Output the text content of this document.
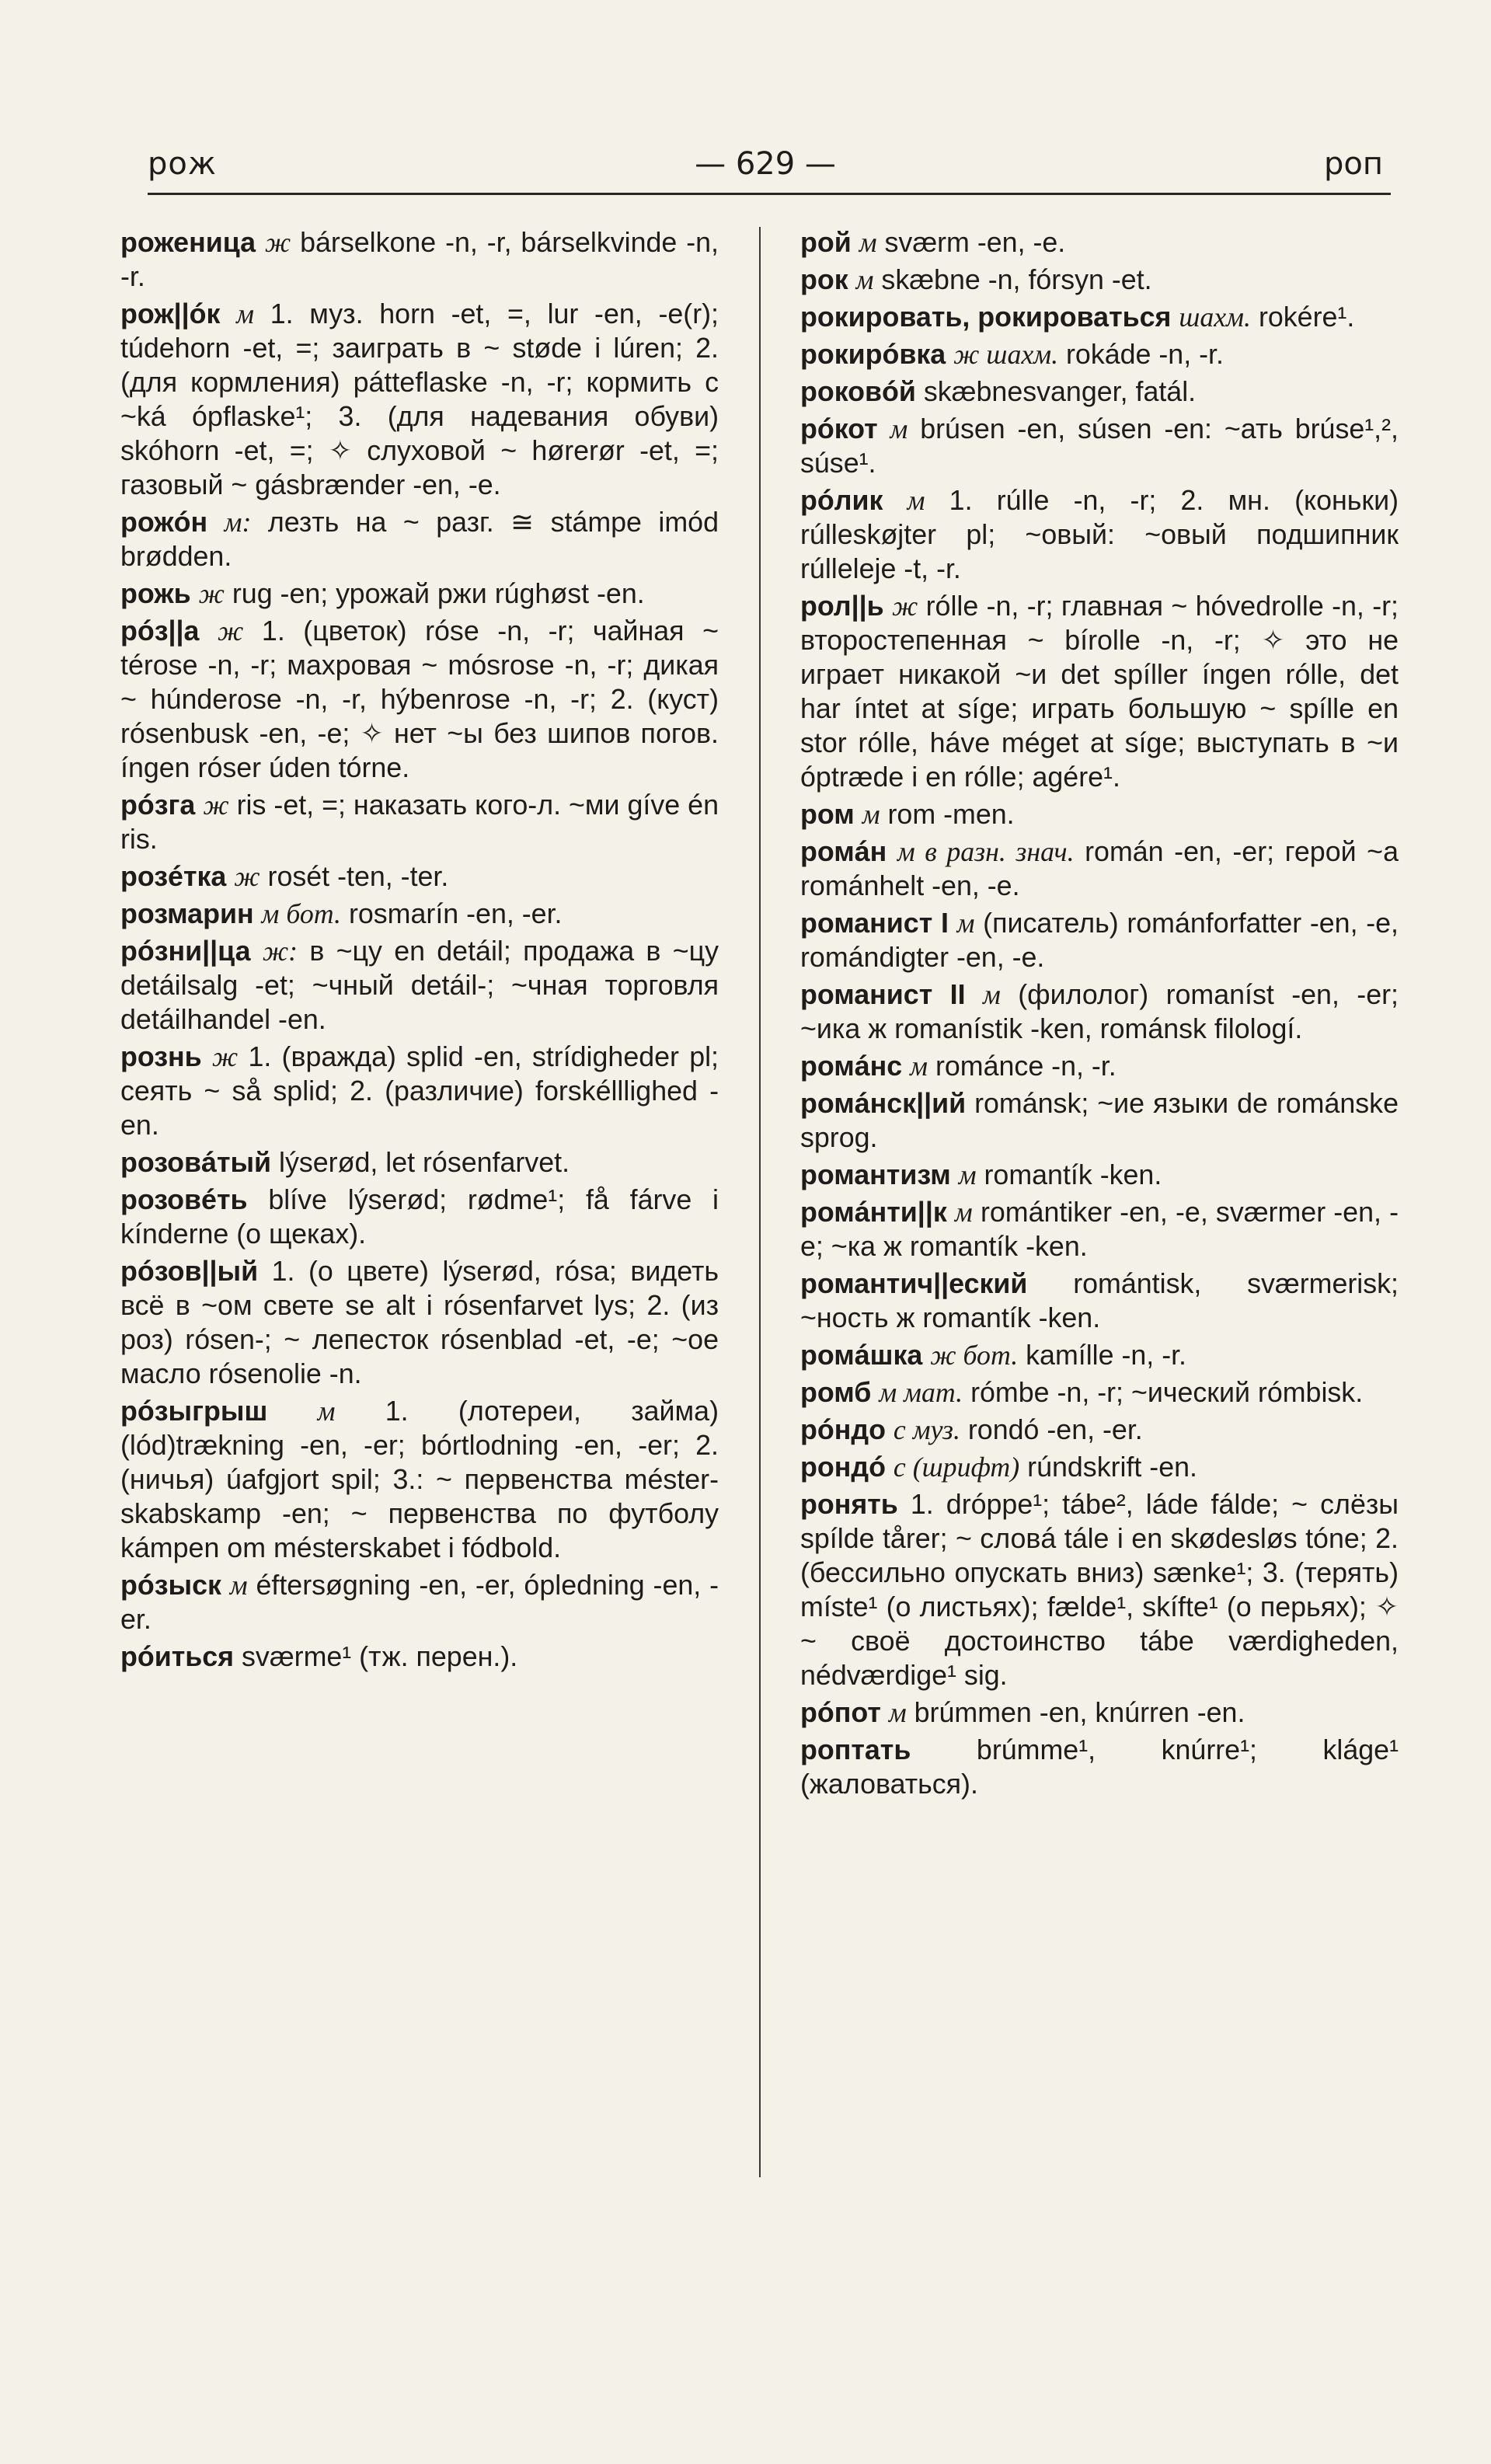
рож	— 629 —	роп

роженица ж bárselkone -n, -r, bárselkvinde -n, -r.

рож||óк м 1. муз. horn -et, =, lur -en, -e(r); túdehorn -et, =; заиграть в ~ støde i lúren; 2. (для кормления) pátteflaske -n, -r; кормить с ~ká ópflaske¹; 3. (для надевания обуви) skóhorn -et, =; ✧ слуховой ~ hørerør -et, =; газовый ~ gásbrænder -en, -e.

рожóн м: лезть на ~ разг. ≅ stámpe imód brødden.

рожь ж rug -en; урожай ржи rúghøst -en.

рóз||а ж 1. (цветок) róse -n, -r; чайная ~ térose -n, -r; махровая ~ mósrose -n, -r; дикая ~ húnderose -n, -r, hýbenrose -n, -r; 2. (куст) rósenbusk -en, -e; ✧ нет ~ы без шипов погов. íngen róser úden tórne.

рóзга ж ris -et, =; наказать кого-л. ~ми gíve én ris.

розéтка ж rosét -ten, -ter.

розмарин м бот. rosmarín -en, -er.

рóзни||ца ж: в ~цу en detáil; продажа в ~цу detáilsalg -et; ~чный detáil-; ~чная торговля detáilhandel -en.

рознь ж 1. (вражда) splid -en, strídigheder pl; сеять ~ så splid; 2. (различие) forskélllighed -en.

розовáтый lýserød, let rósenfarvet.

розовéть blíve lýserød; rødme¹; få fárve i kínderne (о щеках).

рóзов||ый 1. (о цвете) lýserød, rósa; видеть всё в ~ом свете se alt i rósenfarvet lys; 2. (из роз) rósen-; ~ лепесток rósenblad -et, -e; ~ое масло rósenolie -n.

рóзыгрыш м 1. (лотереи, займа) (lód)trækning -en, -er; bórtlodning -en, -er; 2. (ничья) úafgjort spil; 3.: ~ первенства méster-skabskamp -en; ~ первенства по футболу kámpen om mésterskabet i fódbold.

рóзыск м éftersøgning -en, -er, ópledning -en, -er.

рóиться sværme¹ (тж. перен.).

рой м sværm -en, -e.

рок м skæbne -n, fórsyn -et.

рокировать, рокироваться шахм. rokére¹.

рокирóвка ж шахм. rokáde -n, -r.

роковóй skæbnesvanger, fatál.

рóкот м brúsen -en, súsen -en: ~ать brúse¹,², súse¹.

рóлик м 1. rúlle -n, -r; 2. мн. (коньки) rúlleskøjter pl; ~овый: ~овый подшипник rúlleleje -t, -r.

рол||ь ж rólle -n, -r; главная ~ hóvedrolle -n, -r; второстепенная ~ bírolle -n, -r; ✧ это не играет никакой ~и det spíller íngen rólle, det har íntet at síge; играть большую ~ spílle en stor rólle, háve méget at síge; выступать в ~и óptræde i en rólle; agére¹.

ром м rom -men.

ромáн м в разн. знач. román -en, -er; герой ~а románhelt -en, -e.

романист I м (писатель) románforfatter -en, -e, romándigter -en, -e.

романист II м (филолог) romaníst -en, -er; ~ика ж romanístik -ken, románsk filologí.

ромáнс м románce -n, -r.

ромáнск||ий románsk; ~ие языки de románske sprog.

романтизм м romantík -ken.

ромáнти||к м romántiker -en, -e, sværmer -en, -e; ~ка ж romantík -ken.

романтич||еский romántisk, sværmerisk; ~ность ж romantík -ken.

ромáшка ж бот. kamílle -n, -r.

ромб м мат. rómbe -n, -r; ~ический rómbisk.

рóндо с муз. rondó -en, -er.

рондó с (шрифт) rúndskrift -en.

ронять 1. dróppe¹; tábe², láde fálde; ~ слёзы spílde tårer; ~ словá tále i en skødesløs tóne; 2. (бессильно опускать вниз) sænke¹; 3. (терять) míste¹ (о листьях); fælde¹, skífte¹ (о перьях); ✧ ~ своё достоинство tábe værdigheden, nédværdige¹ sig.

рóпот м brúmmen -en, knúrren -en.

роптать brúmme¹, knúrre¹; kláge¹ (жаловаться).
